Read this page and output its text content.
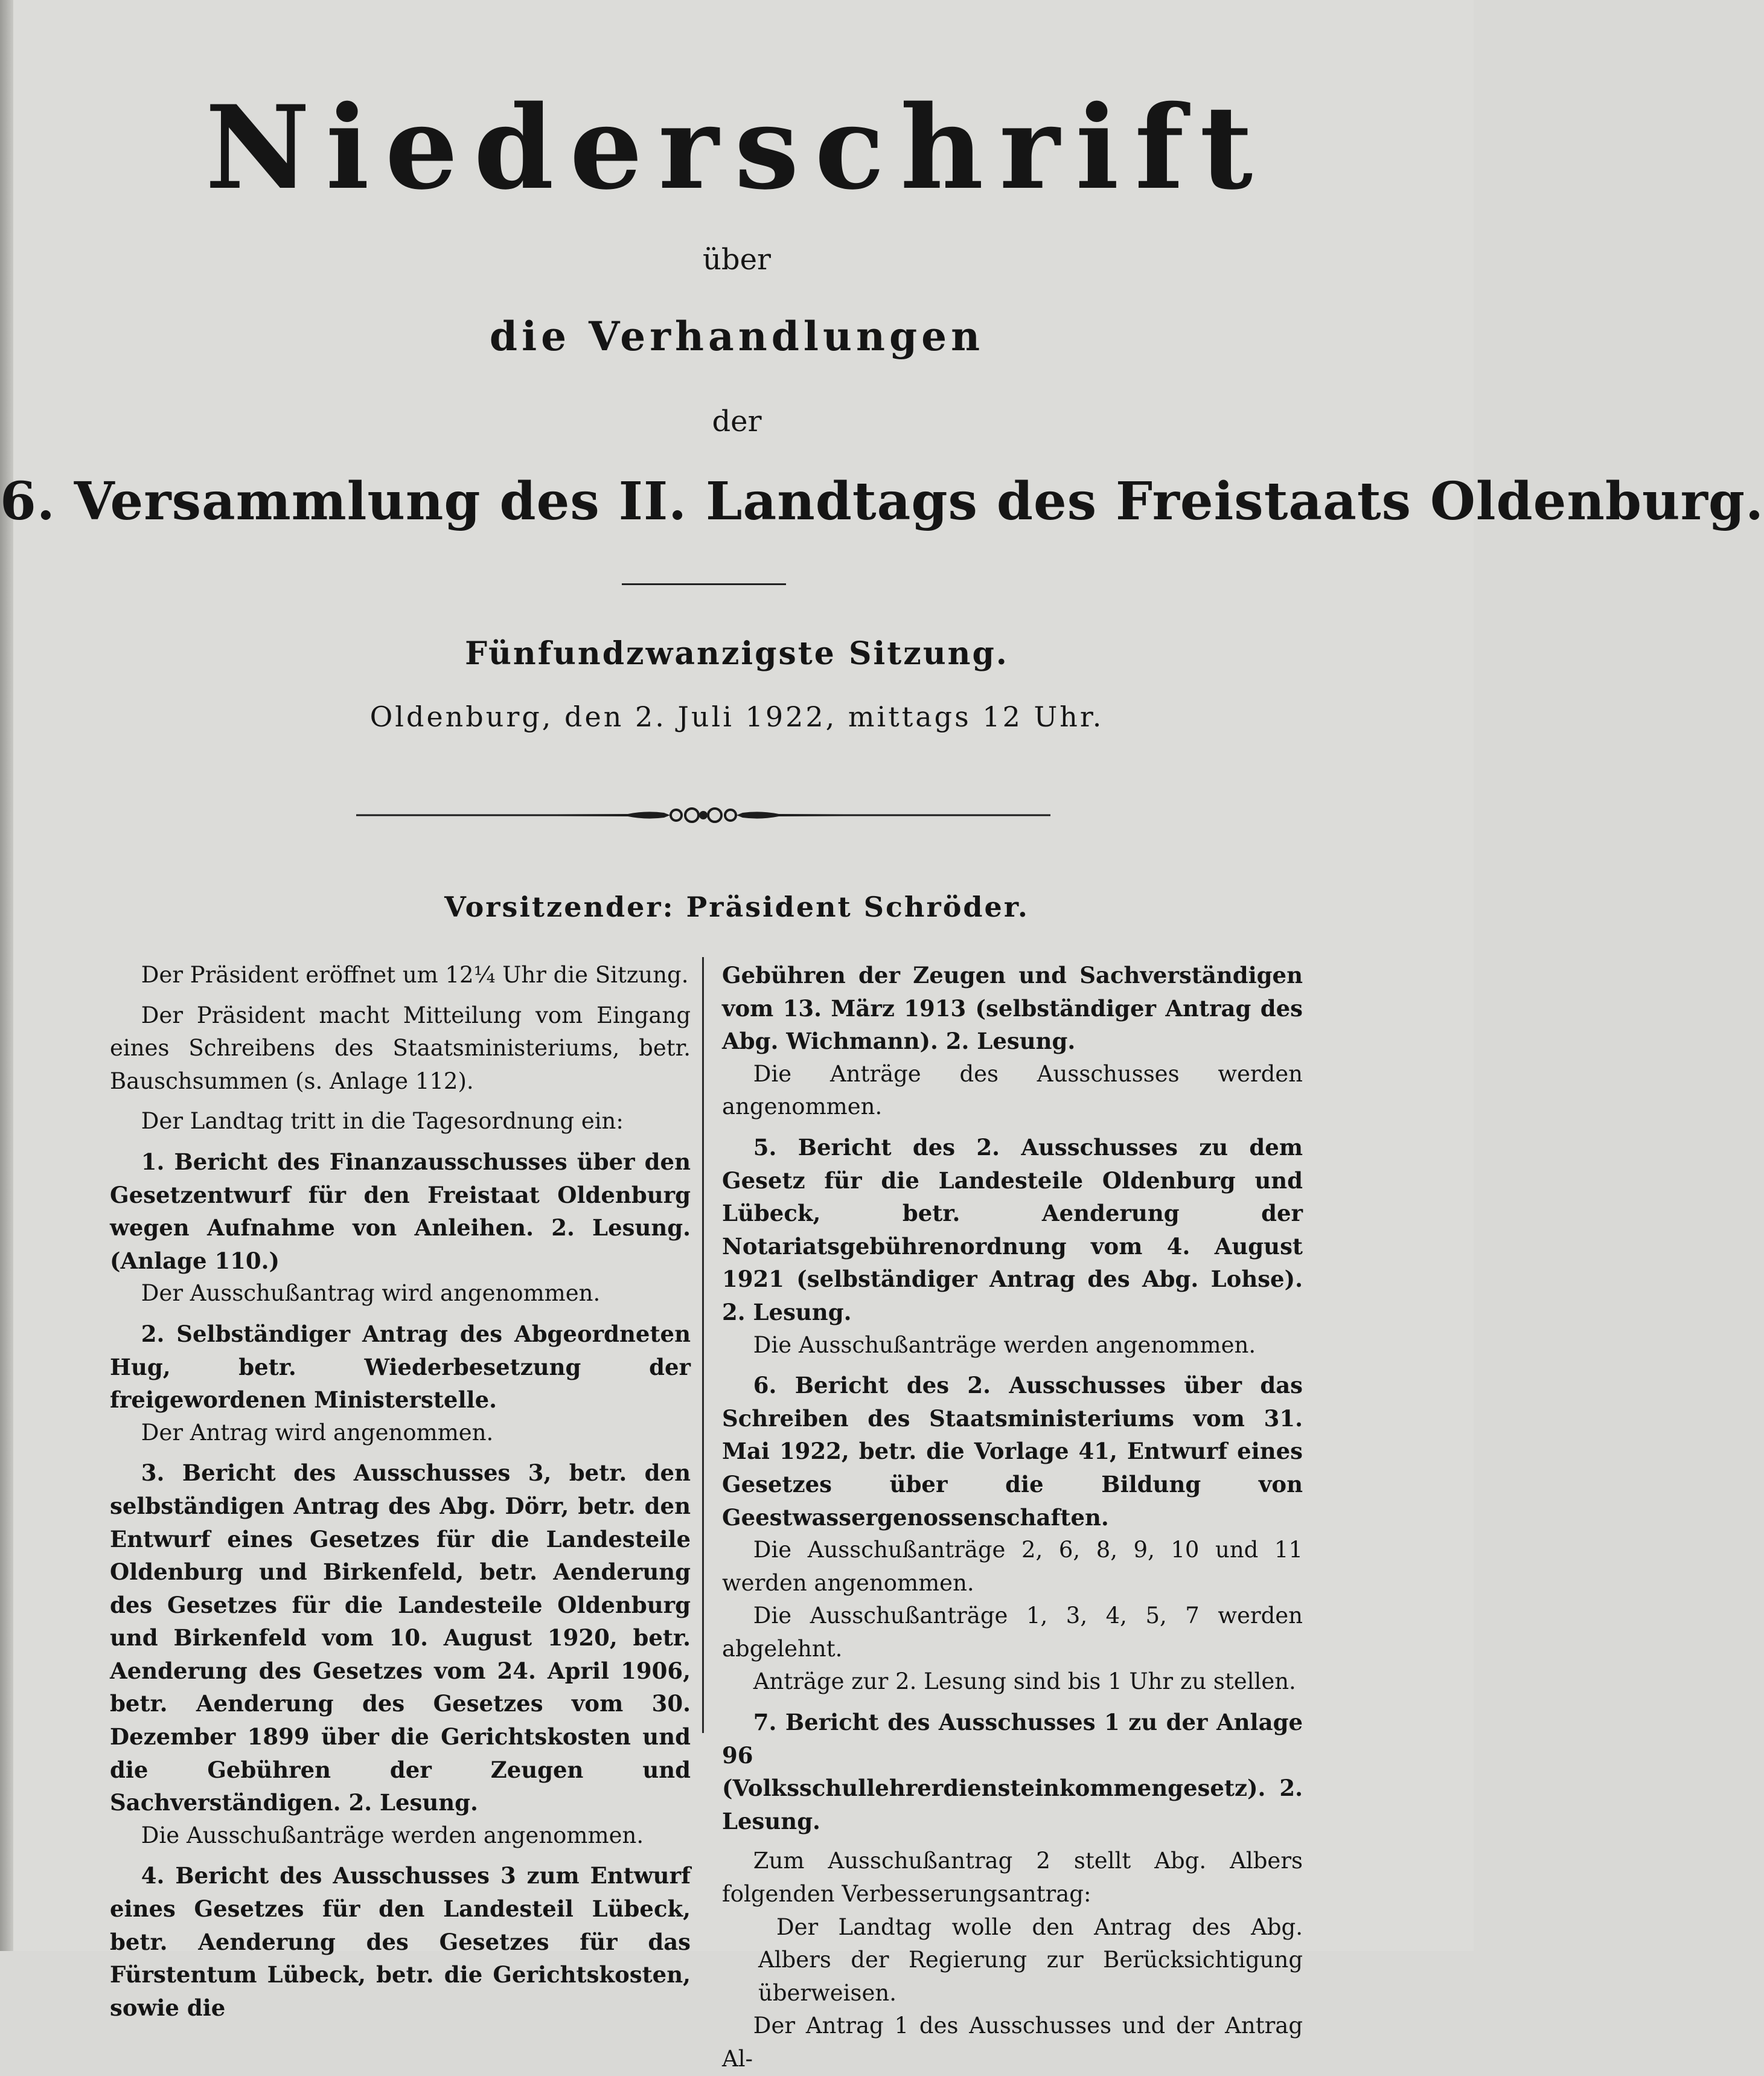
Niederschrift
über
die Verhandlungen
der
6. Versammlung des II. Landtags des Freistaats Oldenburg.
Fünfundzwanzigste Sitzung.
Oldenburg, den 2. Juli 1922, mittags 12 Uhr.
Vorsitzender: Präsident Schröder.

Der Präsident eröffnet um 12¼ Uhr die Sitzung.

Der Präsident macht Mitteilung vom Eingang eines Schreibens des Staatsministeriums, betr. Bauschsummen (s. Anlage 112).

Der Landtag tritt in die Tagesordnung ein:

1. Bericht des Finanzausschusses über den Gesetzentwurf für den Freistaat Oldenburg wegen Aufnahme von Anleihen. 2. Lesung. (Anlage 110.)

Der Ausschußantrag wird angenommen.

2. Selbständiger Antrag des Abgeordneten Hug, betr. Wiederbesetzung der freigewordenen Ministerstelle.

Der Antrag wird angenommen.

3. Bericht des Ausschusses 3, betr. den selbständigen Antrag des Abg. Dörr, betr. den Entwurf eines Gesetzes für die Landesteile Oldenburg und Birkenfeld, betr. Aenderung des Gesetzes für die Landesteile Oldenburg und Birkenfeld vom 10. August 1920, betr. Aenderung des Gesetzes vom 24. April 1906, betr. Aenderung des Gesetzes vom 30. Dezember 1899 über die Gerichtskosten und die Gebühren der Zeugen und Sachverständigen. 2. Lesung.

Die Ausschußanträge werden angenommen.

4. Bericht des Ausschusses 3 zum Entwurf eines Gesetzes für den Landesteil Lübeck, betr. Aenderung des Gesetzes für das Fürstentum Lübeck, betr. die Gerichtskosten, sowie die

Gebühren der Zeugen und Sachverständigen vom 13. März 1913 (selbständiger Antrag des Abg. Wichmann). 2. Lesung.

Die Anträge des Ausschusses werden angenommen.

5. Bericht des 2. Ausschusses zu dem Gesetz für die Landesteile Oldenburg und Lübeck, betr. Aenderung der Notariatsgebührenordnung vom 4. August 1921 (selbständiger Antrag des Abg. Lohse). 2. Lesung.

Die Ausschußanträge werden angenommen.

6. Bericht des 2. Ausschusses über das Schreiben des Staatsministeriums vom 31. Mai 1922, betr. die Vorlage 41, Entwurf eines Gesetzes über die Bildung von Geestwassergenossenschaften.

Die Ausschußanträge 2, 6, 8, 9, 10 und 11 werden angenommen.

Die Ausschußanträge 1, 3, 4, 5, 7 werden abgelehnt.

Anträge zur 2. Lesung sind bis 1 Uhr zu stellen.

7. Bericht des Ausschusses 1 zu der Anlage 96 (Volksschullehrerdiensteinkommengesetz). 2. Lesung.

Zum Ausschußantrag 2 stellt Abg. Albers folgenden Verbesserungsantrag:

Der Landtag wolle den Antrag des Abg. Albers der Regierung zur Berücksichtigung überweisen.

Der Antrag 1 des Ausschusses und der Antrag Al-
